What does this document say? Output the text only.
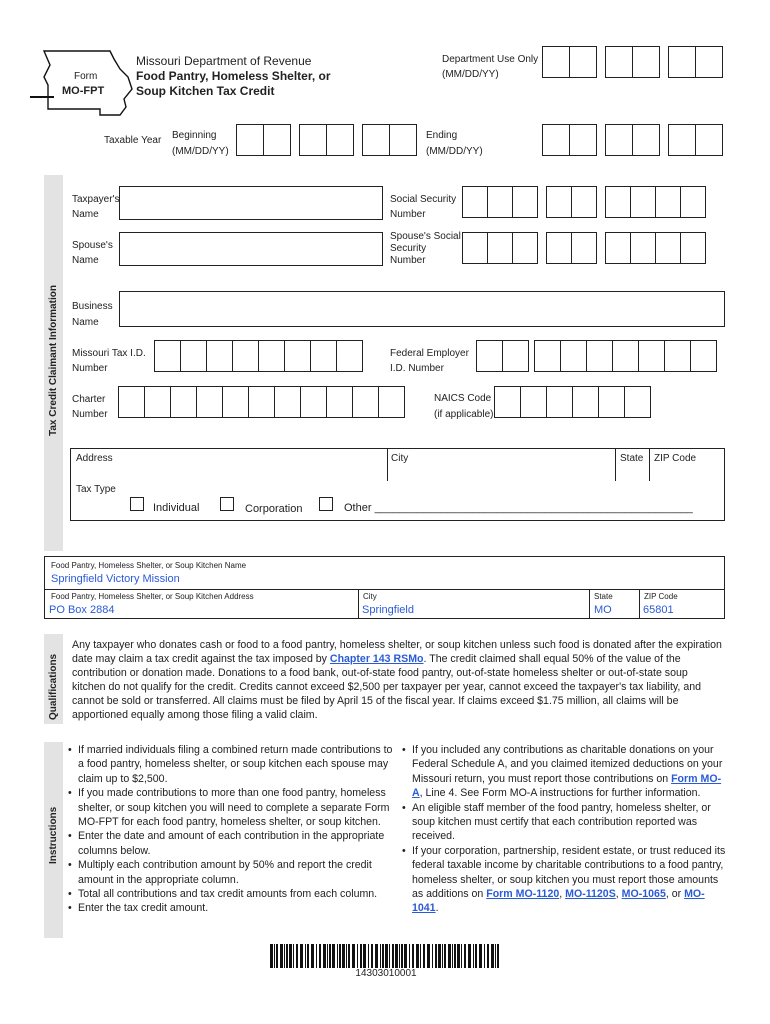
Form
MO-FPT
Missouri Department of Revenue
Food Pantry, Homeless Shelter, or
Soup Kitchen Tax Credit
Department Use Only
(MM/DD/YY)
Taxable Year Beginning
(MM/DD/YY)
Ending
(MM/DD/YY)
Tax Credit Claimant Information
Taxpayer's
Name
Social Security
Number
Spouse's
Name
Spouse's Social
Security
Number
Business
Name
Missouri Tax I.D.
Number
Federal Employer
I.D. Number
Charter
Number
NAICS Code
(if applicable)
Address	City	State ZIP Code
Tax Type
Individual	Corporation	Other ____________________________________________________
Food Pantry, Homeless Shelter, or Soup Kitchen Name
Springfield Victory Mission
Food Pantry, Homeless Shelter, or Soup Kitchen Address
PO Box 2884
City
Springfield
State
MO
ZIP Code
65801
Qualifications
Any taxpayer who donates cash or food to a food pantry, homeless shelter, or soup kitchen unless such food is donated after the expiration date may claim a tax credit against the tax imposed by Chapter 143 RSMo. The credit claimed shall equal 50% of the value of the contribution or donation made. Donations to a food bank, out-of-state food pantry, out-of-state homeless shelter or out-of-state soup kitchen do not qualify for the credit. Credits cannot exceed $2,500 per taxpayer per year, cannot exceed the taxpayer's tax liability, and cannot be sold or transferred. All claims must be filed by April 15 of the fiscal year. If claims exceed $1.75 million, all claims will be apportioned equally among those filing a valid claim.
Instructions
• If married individuals filing a combined return made contributions to a food pantry, homeless shelter, or soup kitchen each spouse may claim up to $2,500.
• If you made contributions to more than one food pantry, homeless shelter, or soup kitchen you will need to complete a separate Form MO-FPT for each food pantry, homeless shelter, or soup kitchen.
• Enter the date and amount of each contribution in the appropriate columns below.
• Multiply each contribution amount by 50% and report the credit amount in the appropriate column.
• Total all contributions and tax credit amounts from each column.
• Enter the tax credit amount.
• If you included any contributions as charitable donations on your Federal Schedule A, and you claimed itemized deductions on your Missouri return, you must report those contributions on Form MO-A, Line 4. See Form MO-A instructions for further information.
• An eligible staff member of the food pantry, homeless shelter, or soup kitchen must certify that each contribution reported was received.
• If your corporation, partnership, resident estate, or trust reduced its federal taxable income by charitable contributions to a food pantry, homeless shelter, or soup kitchen you must report those amounts as additions on Form MO-1120, MO-1120S, MO-1065, or MO-1041.
14303010001
